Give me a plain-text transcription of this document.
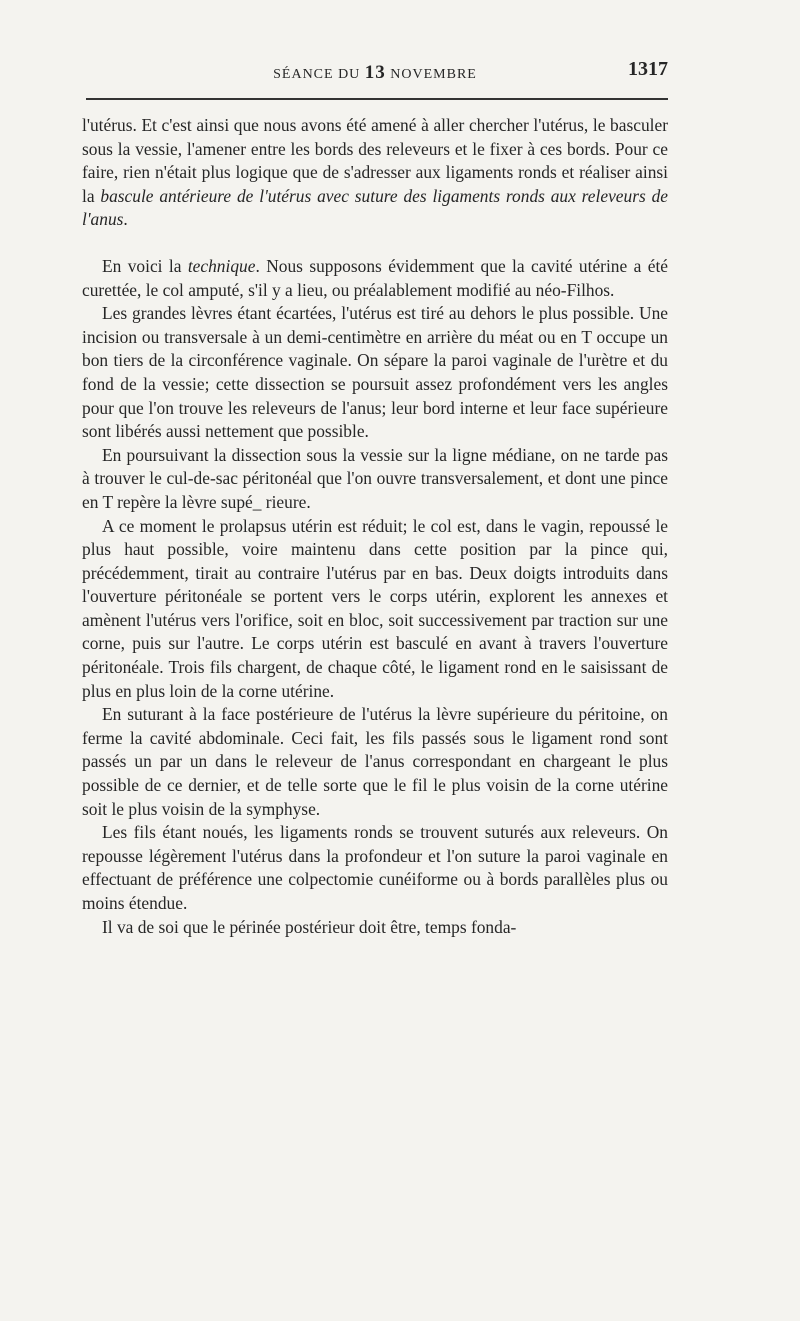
SÉANCE DU 13 NOVEMBRE	1317

l'utérus. Et c'est ainsi que nous avons été amené à aller chercher l'utérus, le basculer sous la vessie, l'amener entre les bords des releveurs et le fixer à ces bords. Pour ce faire, rien n'était plus logique que de s'adresser aux ligaments ronds et réaliser ainsi la bascule antérieure de l'utérus avec suture des ligaments ronds aux releveurs de l'anus.

En voici la technique. Nous supposons évidemment que la cavité utérine a été curettée, le col amputé, s'il y a lieu, ou préalablement modifié au néo-Filhos.

Les grandes lèvres étant écartées, l'utérus est tiré au dehors le plus possible. Une incision ou transversale à un demi-centimètre en arrière du méat ou en T occupe un bon tiers de la circonférence vaginale. On sépare la paroi vaginale de l'urètre et du fond de la vessie; cette dissection se poursuit assez profondément vers les angles pour que l'on trouve les releveurs de l'anus; leur bord interne et leur face supérieure sont libérés aussi nettement que possible.

En poursuivant la dissection sous la vessie sur la ligne médiane, on ne tarde pas à trouver le cul-de-sac péritonéal que l'on ouvre transversalement, et dont une pince en T repère la lèvre supé_ rieure.

A ce moment le prolapsus utérin est réduit; le col est, dans le vagin, repoussé le plus haut possible, voire maintenu dans cette position par la pince qui, précédemment, tirait au contraire l'utérus par en bas. Deux doigts introduits dans l'ouverture péritonéale se portent vers le corps utérin, explorent les annexes et amènent l'utérus vers l'orifice, soit en bloc, soit successivement par traction sur une corne, puis sur l'autre. Le corps utérin est basculé en avant à travers l'ouverture péritonéale. Trois fils chargent, de chaque côté, le ligament rond en le saisissant de plus en plus loin de la corne utérine.

En suturant à la face postérieure de l'utérus la lèvre supérieure du péritoine, on ferme la cavité abdominale. Ceci fait, les fils passés sous le ligament rond sont passés un par un dans le releveur de l'anus correspondant en chargeant le plus possible de ce dernier, et de telle sorte que le fil le plus voisin de la corne utérine soit le plus voisin de la symphyse.

Les fils étant noués, les ligaments ronds se trouvent suturés aux releveurs. On repousse légèrement l'utérus dans la profondeur et l'on suture la paroi vaginale en effectuant de préférence une colpectomie cunéiforme ou à bords parallèles plus ou moins étendue.

Il va de soi que le périnée postérieur doit être, temps fonda-
